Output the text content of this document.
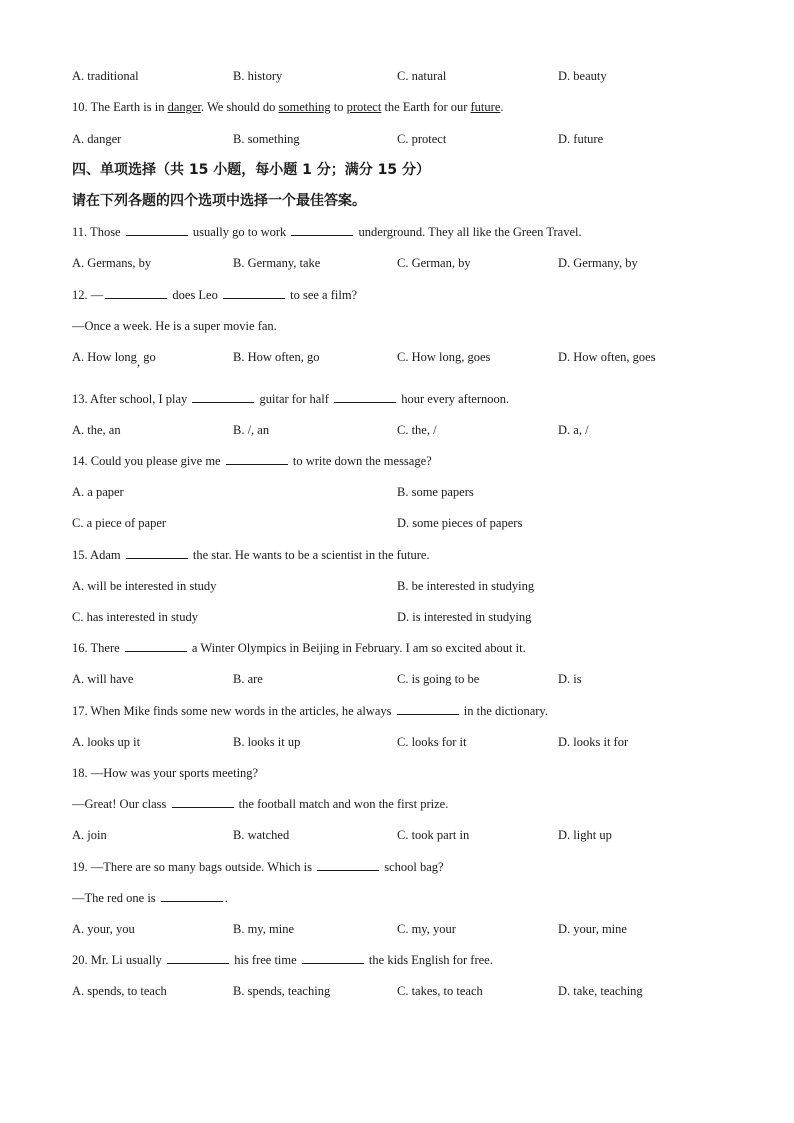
A. traditional	B. history	C. natural	D. beauty
10. The Earth is in danger. We should do something to protect the Earth for our future.
A. danger	B. something	C. protect	D. future
四、单项选择（共 15 小题，每小题 1 分；满分 15 分）
请在下列各题的四个选项中选择一个最佳答案。
11. Those	usually go to work	underground. They all like the Green Travel.
A. Germans, by	B. Germany, take	C. German, by	D. Germany, by
12. —	does Leo	to see a film?
—Once a week. He is a super movie fan.
A. How long, go	B. How often, go	C. How long, goes	D. How often, goes
13. After school, I play	guitar for half	hour every afternoon.
A. the, an	B. /, an	C. the, /	D. a, /
14. Could you please give me	to write down the message?
A. a paper	B. some papers
C. a piece of paper	D. some pieces of papers
15. Adam	the star. He wants to be a scientist in the future.
A. will be interested in study	B. be interested in studying
C. has interested in study	D. is interested in studying
16. There	a Winter Olympics in Beijing in February. I am so excited about it.
A. will have	B. are	C. is going to be	D. is
17. When Mike finds some new words in the articles, he always	in the dictionary.
A. looks up it	B. looks it up	C. looks for it	D. looks it for
18. —How was your sports meeting?
—Great! Our class	the football match and won the first prize.
A. join	B. watched	C. took part in	D. light up
19. —There are so many bags outside. Which is	school bag?
—The red one is	.
A. your, you	B. my, mine	C. my, your	D. your, mine
20. Mr. Li usually	his free time	the kids English for free.
A. spends, to teach	B. spends, teaching	C. takes, to teach	D. take, teaching
